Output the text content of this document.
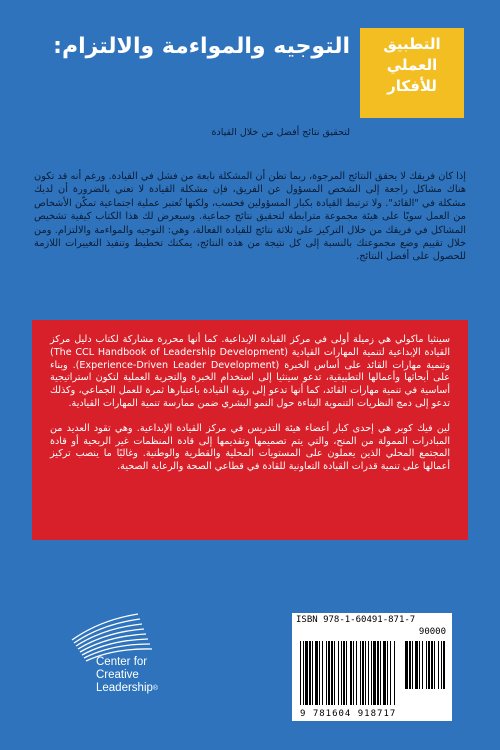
التطبيق
العملي
للأفكار
التوجيه والمواءمة والالتزام:
لتحقيق نتائج أفضل من خلال القيادة
إذا كان فريقك لا يحقق النتائج المرجوة، ربما تظن أن المشكلة نابعة من فشل في القيادة. ورغم أنه قد تكون هناك مشاكل راجعة إلى الشخص المسؤول عن الفريق، فإن مشكلة القيادة لا تعني بالضرورة أن لديك مشكلة في "القائد". ولا ترتبط القيادة بكبار المسؤولين فحسب، ولكنها تُعتبر عملية اجتماعية تمكّن الأشخاص من العمل سويًا على هيئة مجموعة مترابطة لتحقيق نتائج جماعية. وسيعرض لك هذا الكتاب كيفية تشخيص المشاكل في فريقك من خلال التركيز على ثلاثة نتائج للقيادة الفعالة، وهي: التوجيه والمواءمة والالتزام. ومن خلال تقييم وضع مجموعتك بالنسبة إلى كل نتيجة من هذه النتائج، يمكنك تخطيط وتنفيذ التغييرات اللازمة للحصول على أفضل النتائج.

سينثيا ماكولي هي زميلة أولى في مركز القيادة الإبداعية. كما أنها محررة مشاركة لكتاب دليل مركز القيادة الإبداعية لتنمية المهارات القيادية (The CCL Handbook of Leadership Development) وتنمية مهارات القائد على أساس الخبرة (Experience-Driven Leader Development). وبناء على أبحاثها وأعمالها التطبيقية، تدعو سينثيا إلى استخدام الخبرة والتجربة العملية لتكون استراتيجية أساسية في تنمية مهارات القائد، كما أنها تدعو إلى رؤية القيادة باعتبارها ثمرة للعمل الجماعي، وكذلك تدعو إلى دمج النظريات التنموية البناءة حول النمو البشري ضمن ممارسة تنمية المهارات القيادية.

لين فيك كوبر هي إحدى كبار أعضاء هيئة التدريس في مركز القيادة الإبداعية. وهي تقود العديد من المبادرات الممولة من المنح، والتي يتم تصميمها وتقديمها إلى قادة المنظمات غير الربحية أو قادة المجتمع المحلي الذين يعملون على المستويات المحلية والقطرية والوطنية. وغالبًا ما ينصب تركيز أعمالها على تنمية قدرات القيادة التعاونية للقادة في قطاعي الصحة والرعاية الصحية.

Center for
Creative
Leadership®
ISBN 978-1-60491-871-7
90000
9 781604 918717
